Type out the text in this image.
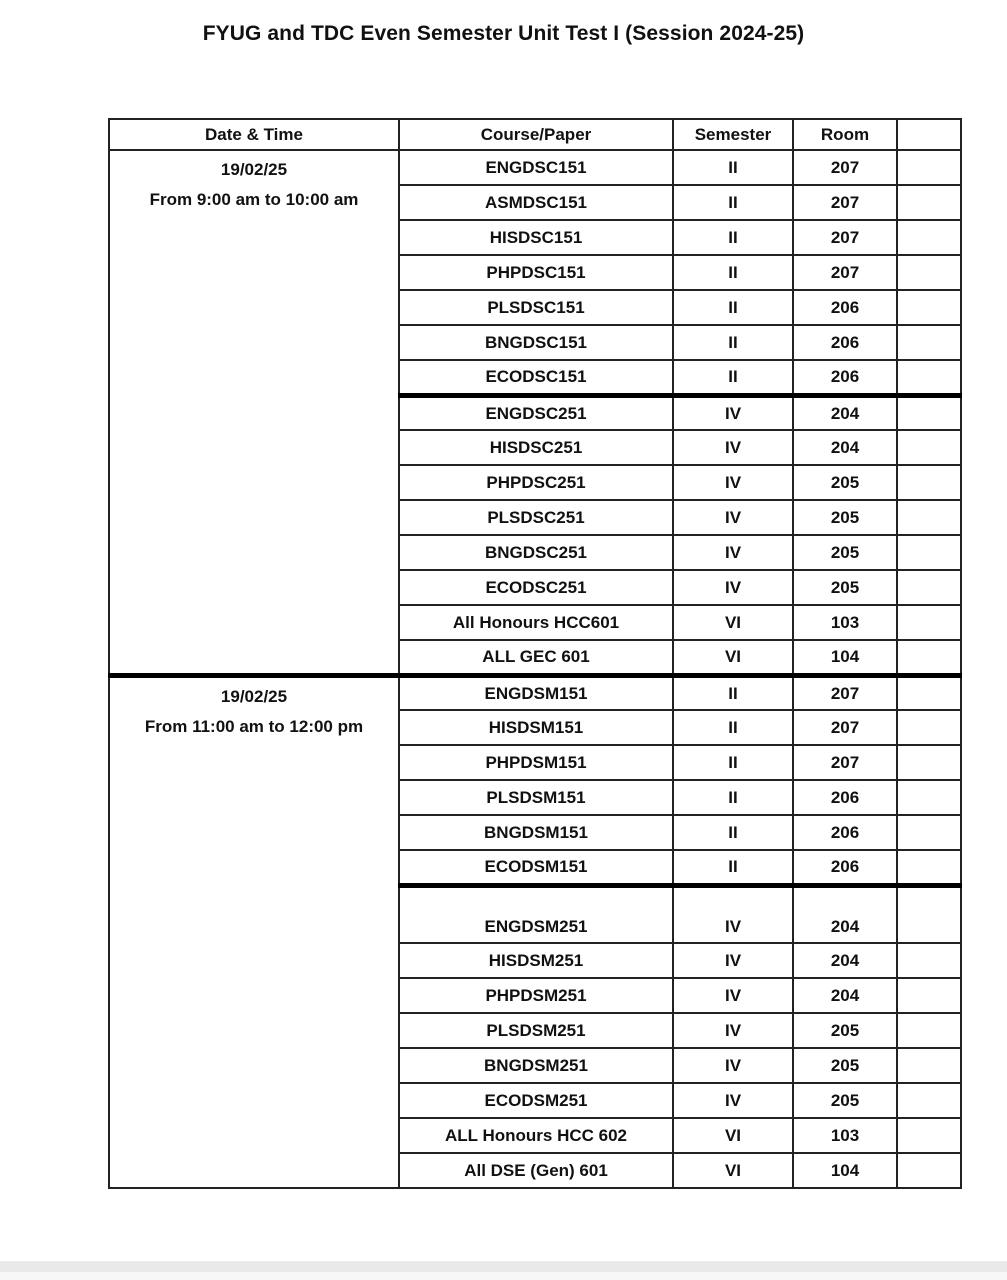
FYUG and TDC Even Semester Unit Test I (Session 2024-25)
Date & Time	Course/Paper	Semester	Room	

19/02/25
From 9:00 am to 10:00 am	ENGDSC151	II	207	
	ASMDSC151	II	207	
	HISDSC151	II	207	
	PHPDSC151	II	207	
	PLSDSC151	II	206	
	BNGDSC151	II	206	
	ECODSC151	II	206	
	ENGDSC251	IV	204	
	HISDSC251	IV	204	
	PHPDSC251	IV	205	
	PLSDSC251	IV	205	
	BNGDSC251	IV	205	
	ECODSC251	IV	205	
	All Honours HCC601	VI	103	
	ALL GEC 601	VI	104	

19/02/25
From 11:00 am to 12:00 pm	ENGDSM151	II	207	
	HISDSM151	II	207	
	PHPDSM151	II	207	
	PLSDSM151	II	206	
	BNGDSM151	II	206	
	ECODSM151	II	206	
	ENGDSM251	IV	204	
	HISDSM251	IV	204	
	PHPDSM251	IV	204	
	PLSDSM251	IV	205	
	BNGDSM251	IV	205	
	ECODSM251	IV	205	
	ALL Honours HCC 602	VI	103	
	All DSE (Gen) 601	VI	104	
